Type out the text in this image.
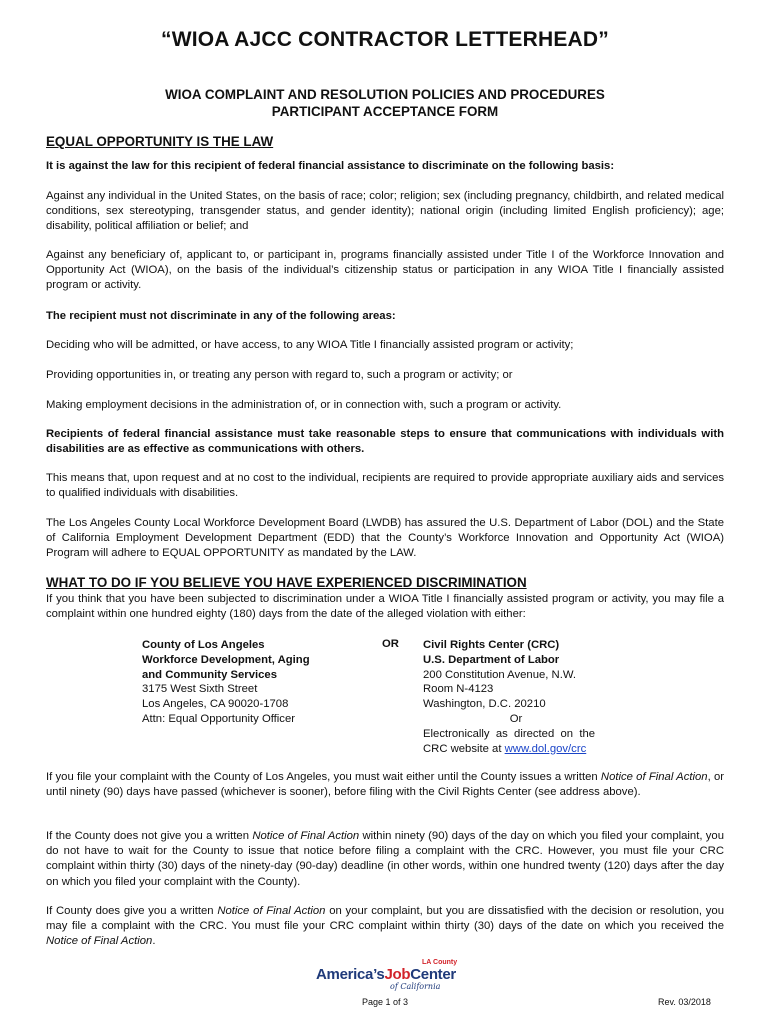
“WIOA AJCC CONTRACTOR LETTERHEAD”
WIOA COMPLAINT AND RESOLUTION POLICIES AND PROCEDURES
PARTICIPANT ACCEPTANCE FORM
EQUAL OPPORTUNITY IS THE LAW
It is against the law for this recipient of federal financial assistance to discriminate on the following basis:
Against any individual in the United States, on the basis of race; color; religion; sex (including pregnancy, childbirth, and related medical conditions, sex stereotyping, transgender status, and gender identity); national origin (including limited English proficiency); age; disability, political affiliation or belief; and
Against any beneficiary of, applicant to, or participant in, programs financially assisted under Title I of the Workforce Innovation and Opportunity Act (WIOA), on the basis of the individual’s citizenship status or participation in any WIOA Title I financially assisted program or activity.
The recipient must not discriminate in any of the following areas:
Deciding who will be admitted, or have access, to any WIOA Title I financially assisted program or activity;
Providing opportunities in, or treating any person with regard to, such a program or activity; or
Making employment decisions in the administration of, or in connection with, such a program or activity.
Recipients of federal financial assistance must take reasonable steps to ensure that communications with individuals with disabilities are as effective as communications with others.
This means that, upon request and at no cost to the individual, recipients are required to provide appropriate auxiliary aids and services to qualified individuals with disabilities.
The Los Angeles County Local Workforce Development Board (LWDB) has assured the U.S. Department of Labor (DOL) and the State of California Employment Development Department (EDD) that the County’s Workforce Innovation and Opportunity Act (WIOA) Program will adhere to EQUAL OPPORTUNITY as mandated by the LAW.
WHAT TO DO IF YOU BELIEVE YOU HAVE EXPERIENCED DISCRIMINATION
If you think that you have been subjected to discrimination under a WIOA Title I financially assisted program or activity, you may file a complaint within one hundred eighty (180) days from the date of the alleged violation with either:
County of Los Angeles
Workforce Development, Aging
and Community Services
3175 West Sixth Street
Los Angeles, CA 90020-1708
Attn: Equal Opportunity Officer
OR Civil Rights Center (CRC)
U.S. Department of Labor
200 Constitution Avenue, N.W.
Room N-4123
Washington, D.C. 20210
Or
Electronically  as  directed  on  the
CRC website at www.dol.gov/crc
If you file your complaint with the County of Los Angeles, you must wait either until the County issues a written Notice of Final Action, or until ninety (90) days have passed (whichever is sooner), before filing with the Civil Rights Center (see address above).
If the County does not give you a written Notice of Final Action within ninety (90) days of the day on which you filed your complaint, you do not have to wait for the County to issue that notice before filing a complaint with the CRC. However, you must file your CRC complaint within thirty (30) days of the ninety-day (90-day) deadline (in other words, within one hundred twenty (120) days after the day on which you filed your complaint with the County).
If County does give you a written Notice of Final Action on your complaint, but you are dissatisfied with the decision or resolution, you may file a complaint with the CRC. You must file your CRC complaint within thirty (30) days of the date on which you received the Notice of Final Action.
LA County
America’sJobCenter
of California
Page 1 of 3	Rev. 03/2018
